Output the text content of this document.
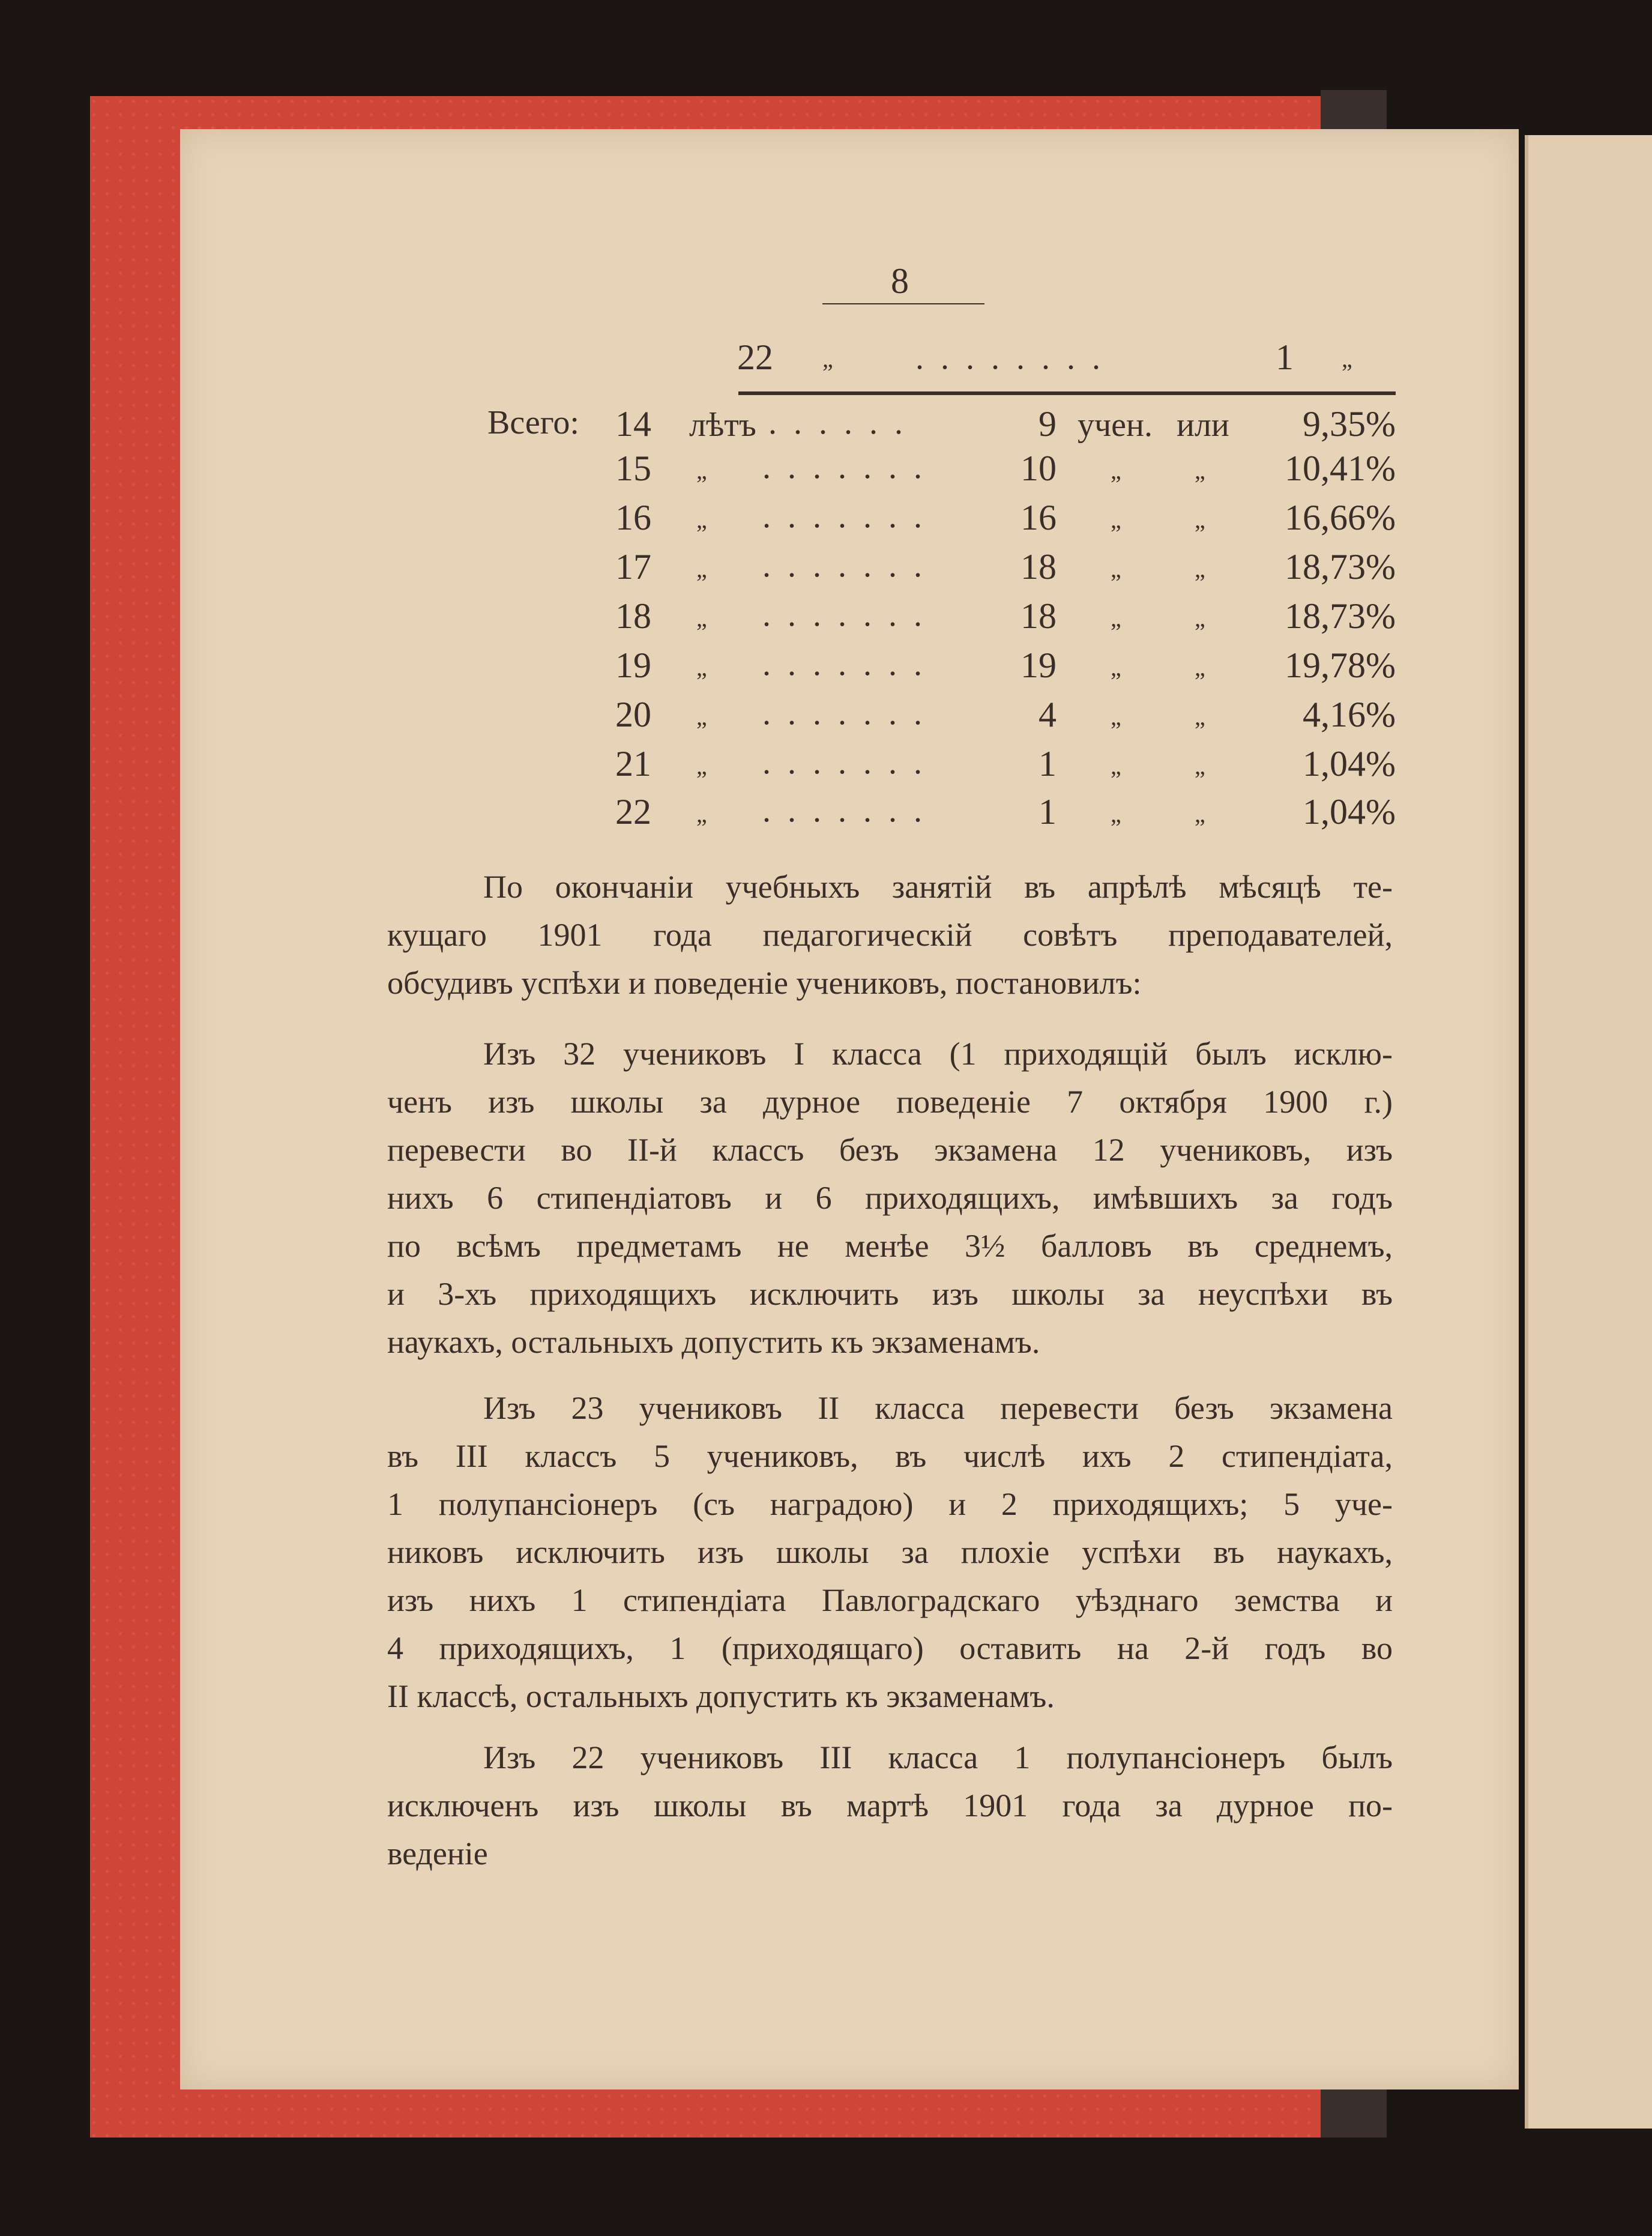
8
22 „ ........	1 „
Всего: 14 лѣтъ ......	9 учен. или 9,35%
15 „ ....... 10 „	„ 10,41%
16 „ ....... 16 „	„ 16,66%
17 „ ....... 18 „	„ 18,73%
18 „ ....... 18 „	„ 18,73%
19 „ ....... 19 „	„ 19,78%
20 „ .......	4 „	„	4,16%
21 „ .......	1 „	„	1,04%
22 „ .......	1 „	„	1,04%
По окончаніи учебныхъ занятій въ апрѣлѣ мѣсяцѣ те-
кущаго 1901 года педагогическій совѣтъ преподавателей,
обсудивъ успѣхи и поведеніе учениковъ, постановилъ:
Изъ 32 учениковъ I класса (1 приходящій былъ исклю-
ченъ изъ школы за дурное поведеніе 7 октября 1900 г.)
перевести во II-й классъ безъ экзамена 12 учениковъ, изъ
нихъ 6 стипендіатовъ и 6 приходящихъ, имѣвшихъ за годъ
по всѣмъ предметамъ не менѣе 3½ балловъ въ среднемъ,
и 3-хъ приходящихъ исключить изъ школы за неуспѣхи въ
наукахъ, остальныхъ допустить къ экзаменамъ.
Изъ 23 учениковъ II класса перевести безъ экзамена
въ III классъ 5 учениковъ, въ числѣ ихъ 2 стипендіата,
1 полупансіонеръ (съ наградою) и 2 приходящихъ; 5 уче-
никовъ исключить изъ школы за плохіе успѣхи въ наукахъ,
изъ нихъ 1 стипендіата Павлоградскаго уѣзднаго земства и
4 приходящихъ, 1 (приходящаго) оставить на 2-й годъ во
II классѣ, остальныхъ допустить къ экзаменамъ.
Изъ 22 учениковъ III класса 1 полупансіонеръ былъ
исключенъ изъ школы въ мартѣ 1901 года за дурное по-
веденіе
